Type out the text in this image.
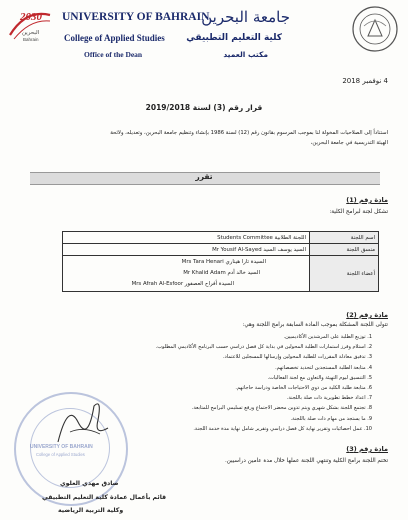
2030
البحرين
Bahrain
UNIVERSITY OF BAHRAIN
College of Applied Studies
Office of the Dean
جامعة البحرين
كلية التعليم التطبيقي
مكتب العميد
4 نوفمبر 2018
قرار رقم (3) لسنة 2019/2018
استناداً إلى الصلاحيات المخولة لنا بموجب المرسوم بقانون رقم (12) لسنة 1986 بإنشاء وتنظيم جامعة البحرين، وتعديله، ولائحة
الهيئة التدريسية في جامعة البحرين،
تقرر
مادة رقم (1)
تشكل لجنة لبرامج الكلية:
اللجنة الطلابية Students Committee	اسم اللجنة
السيد يوسف السيد Mr Yousif Al-Sayed	منسق اللجنة

السيدة تارا هيناري Mrs Tara Henari
السيد خالد آدم Mr Khalid Adam
السيدة أفراح العصفور Mrs Afrah Al-Esfoor	أعضاء اللجنة
مادة رقم (2)
تتولى اللجنة المشكلة بموجب المادة السابقة برامج اللجنة وهي:
1. توزيع الطلبة على المرشدين الأكاديميين.
2. استلام وفرز استمارات الطلبة المحولين في بداية كل فصل دراسي حسب البرنامج الأكاديمي المطلوب.
3. تدقيق معادلة المقررات للطلبة المحولين وإرسالها للمسجلين للاعتماد.
4. متابعة الطلبة المستجدين لتحديد تخصصاتهم.
5. التنسيق ليوم التهيئة والتعاون مع لجنة الفعاليات.
6. متابعة طلبة الكلية من ذوي الاحتياجات الخاصة ودراسة حاجاتهم.
7. اعداد خطط تطويرية ذات صلة باللجنة.
8. تجتمع اللجنة بشكل شهري ويتم تدوين محضر الاجتماع ورفع تسليمي البرامج للمتابعة.
9. ما يستجد من مهام ذات صلة باللجنة.
10. عمل احصائيات وتقرير نهاية كل فصل دراسي وتقرير شامل نهاية مدة خدمة اللجنة.
مادة رقم (3)
تختم اللجنة برامج الكلية وتنتهي اللجنة عملها خلال مدة عامين دراسيين.
UNIVERSITY OF BAHRAIN
College of Applied Studies
صادق مهدي العلوي
قائم بأعمال عمادة كلية التعليم التطبيقي
وكلية التربية الرياضية
